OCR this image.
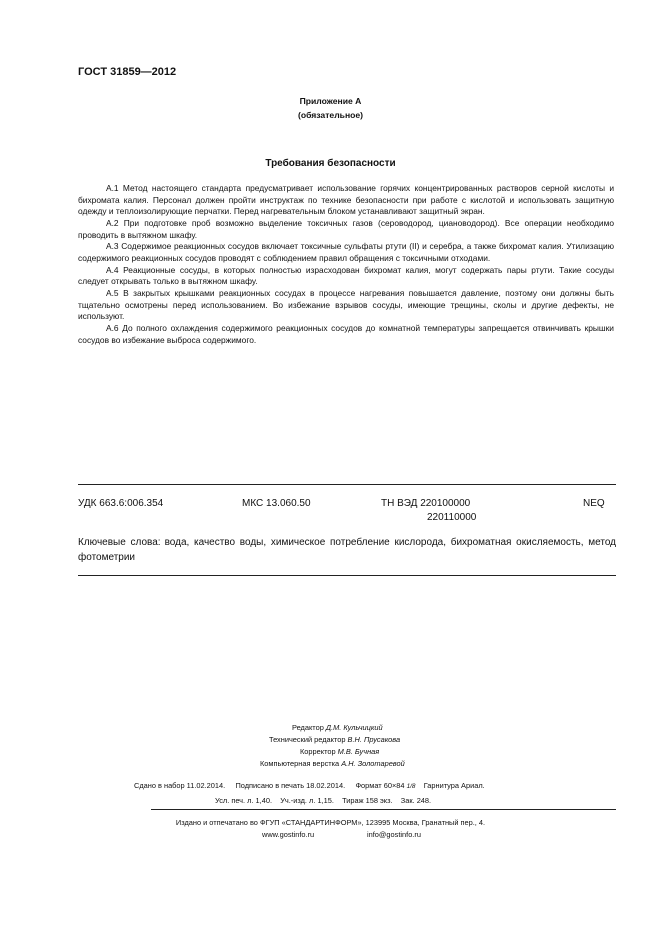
ГОСТ 31859—2012
Приложение А
(обязательное)
Требования безопасности

А.1 Метод настоящего стандарта предусматривает использование горячих концентрированных растворов серной кислоты и бихромата калия. Персонал должен пройти инструктаж по технике безопасности при работе с кислотой и использовать защитную одежду и теплоизолирующие перчатки. Перед нагревательным блоком устанавливают защитный экран.

А.2 При подготовке проб возможно выделение токсичных газов (сероводород, циановодород). Все операции необходимо проводить в вытяжном шкафу.

А.3 Содержимое реакционных сосудов включает токсичные сульфаты ртути (II) и серебра, а также бихромат калия. Утилизацию содержимого реакционных сосудов проводят с соблюдением правил обращения с токсичными отходами.

А.4 Реакционные сосуды, в которых полностью израсходован бихромат калия, могут содержать пары ртути. Такие сосуды следует открывать только в вытяжном шкафу.

А.5 В закрытых крышками реакционных сосудах в процессе нагревания повышается давление, поэтому они должны быть тщательно осмотрены перед использованием. Во избежание взрывов сосуды, имеющие трещины, сколы и другие дефекты, не используют.

А.6 До полного охлаждения содержимого реакционных сосудов до комнатной температуры запрещается отвинчивать крышки сосудов во избежание выброса содержимого.

УДК 663.6:006.354	МКС 13.060.50	ТН ВЭД 220100000
220110000
NEQ
Ключевые слова: вода, качество воды, химическое потребление кислорода, бихроматная окисляемость, метод фотометрии
Редактор Д.М. Кульчицкий
Технический редактор В.Н. Прусакова
Корректор М.В. Бучная
Компьютерная верстка А.Н. Золотаревой
Сдано в набор 11.02.2014.     Подписано в печать 18.02.2014.     Формат 60×84 1/8 Гарнитура Ариал.
Усл. печ. л. 1,40.    Уч.-изд. л. 1,15.    Тираж 158 экз.    Зак. 248.
Издано и отпечатано во ФГУП «СТАНДАРТИНФОРМ», 123995 Москва, Гранатный пер., 4.
www.gostinfo.ru	info@gostinfo.ru
